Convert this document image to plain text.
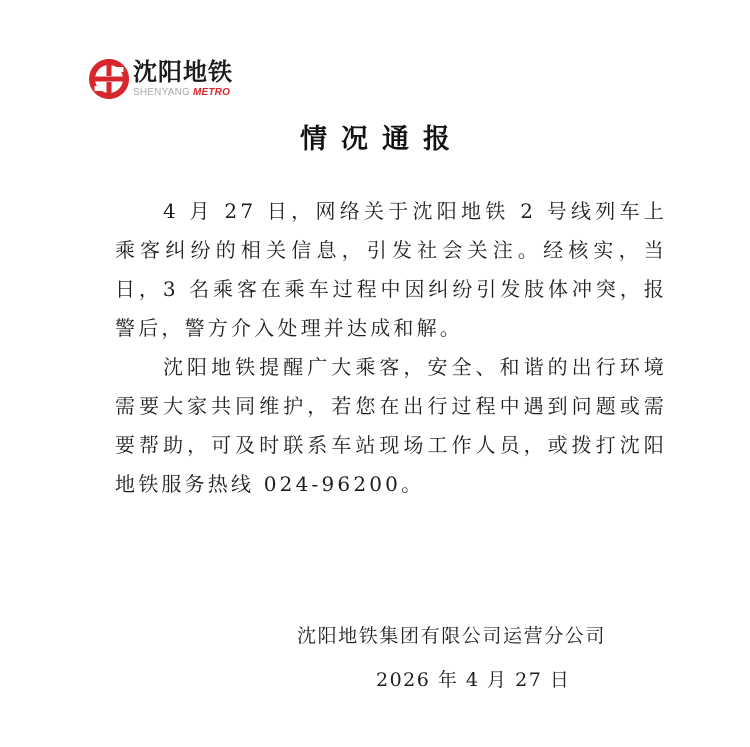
沈阳地铁
SHENYANG METRO
情况通报

4 月 27 日，网络关于沈阳地铁 2 号线列车上乘客纠纷的相关信息，引发社会关注。经核实，当日，3 名乘客在乘车过程中因纠纷引发肢体冲突，报警后，警方介入处理并达成和解。

沈阳地铁提醒广大乘客，安全、和谐的出行环境需要大家共同维护，若您在出行过程中遇到问题或需要帮助，可及时联系车站现场工作人员，或拨打沈阳地铁服务热线 024-96200。

沈阳地铁集团有限公司运营分公司
2026 年 4 月 27 日
